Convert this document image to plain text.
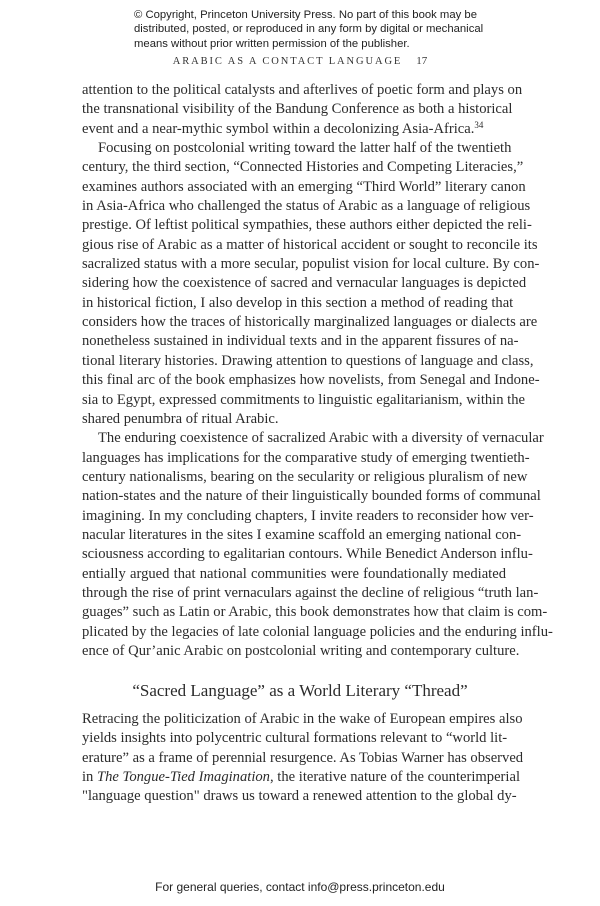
© Copyright, Princeton University Press. No part of this book may be
distributed, posted, or reproduced in any form by digital or mechanical
means without prior written permission of the publisher.
ARABIC AS A CONTACT LANGUAGE 17

attention to the political catalysts and afterlives of poetic form and plays on
the transnational visibility of the Bandung Conference as both a historical
event and a near-mythic symbol within a decolonizing Asia-Africa.$^{34}$

Focusing on postcolonial writing toward the latter half of the twentieth
century, the third section, “Connected Histories and Competing Literacies,”
examines authors associated with an emerging “Third World” literary canon
in Asia-Africa who challenged the status of Arabic as a language of religious
prestige. Of leftist political sympathies, these authors either depicted the reli-
gious rise of Arabic as a matter of historical accident or sought to reconcile its
sacralized status with a more secular, populist vision for local culture. By con-
sidering how the coexistence of sacred and vernacular languages is depicted
in historical fiction, I also develop in this section a method of reading that
considers how the traces of historically marginalized languages or dialects are
nonetheless sustained in individual texts and in the apparent fissures of na-
tional literary histories. Drawing attention to questions of language and class,
this final arc of the book emphasizes how novelists, from Senegal and Indone-
sia to Egypt, expressed commitments to linguistic egalitarianism, within the
shared penumbra of ritual Arabic.

The enduring coexistence of sacralized Arabic with a diversity of vernacular
languages has implications for the comparative study of emerging twentieth-
century nationalisms, bearing on the secularity or religious pluralism of new
nation-states and the nature of their linguistically bounded forms of communal
imagining. In my concluding chapters, I invite readers to reconsider how ver-
nacular literatures in the sites I examine scaffold an emerging national con-
sciousness according to egalitarian contours. While Benedict Anderson influ-
entially argued that national communities were foundationally mediated
through the rise of print vernaculars against the decline of religious “truth lan-
guages” such as Latin or Arabic, this book demonstrates how that claim is com-
plicated by the legacies of late colonial language policies and the enduring influ-
ence of Qur’anic Arabic on postcolonial writing and contemporary culture.

“Sacred Language” as a World Literary “Thread”

Retracing the politicization of Arabic in the wake of European empires also
yields insights into polycentric cultural formations relevant to “world lit-
erature” as a frame of perennial resurgence. As Tobias Warner has observed
in The Tongue-Tied Imagination, the iterative nature of the counterimperial
"language question" draws us toward a renewed attention to the global dy-

For general queries, contact info@press.princeton.edu
